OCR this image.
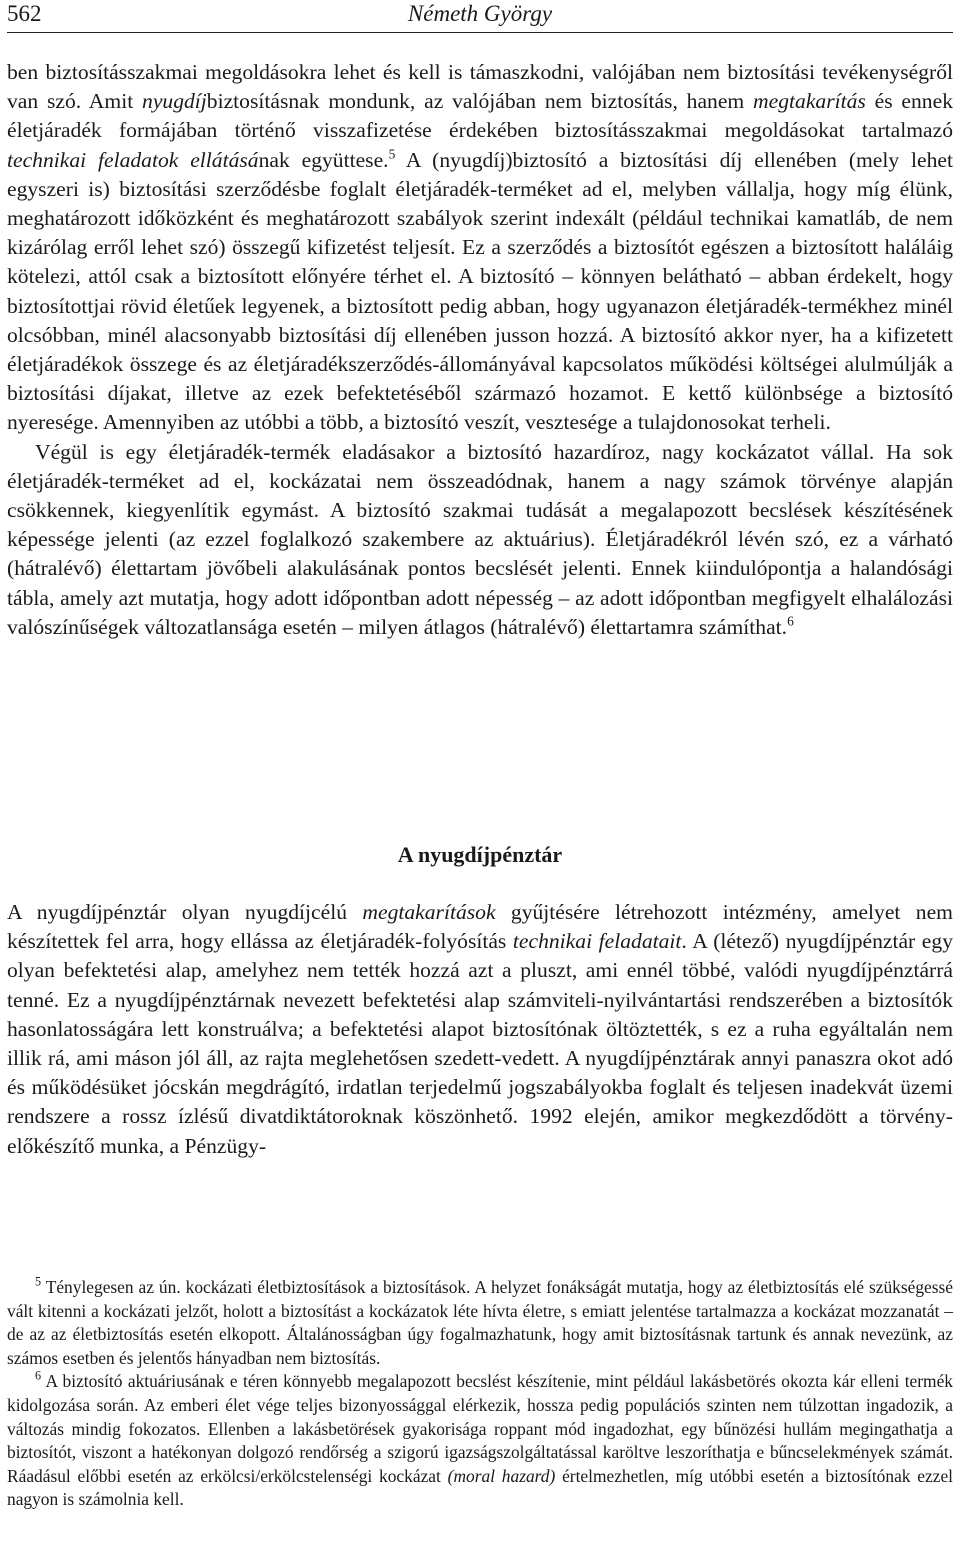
562	Németh György

ben biztosításszakmai megoldásokra lehet és kell is támaszkodni, valójában nem biztosítási tevékenységről van szó. Amit nyugdíjbiztosításnak mondunk, az valójában nem biztosítás, hanem megtakarítás és ennek életjáradék formájában történő visszafizetése érdekében biztosításszakmai megoldásokat tartalmazó technikai feladatok ellátásának együttese.$^5$ A (nyugdíj)biztosító a biztosítási díj ellenében (mely lehet egyszeri is) biztosítási szerződésbe foglalt életjáradék-terméket ad el, melyben vállalja, hogy míg élünk, meghatározott időközként és meghatározott szabályok szerint indexált (például technikai kamatláb, de nem kizárólag erről lehet szó) összegű kifizetést teljesít. Ez a szerződés a biztosítót egészen a biztosított haláláig kötelezi, attól csak a biztosított előnyére térhet el. A biztosító – könnyen belátható – abban érdekelt, hogy biztosítottjai rövid életűek legyenek, a biztosított pedig abban, hogy ugyanazon életjáradék-termékhez minél olcsóbban, minél alacsonyabb biztosítási díj ellenében jusson hozzá. A biztosító akkor nyer, ha a kifizetett életjáradékok összege és az életjáradékszerződés-állományával kapcsolatos működési költségei alulmúlják a biztosítási díjakat, illetve az ezek befektetéséből származó hozamot. E kettő különbsége a biztosító nyeresége. Amennyiben az utóbbi a több, a biztosító veszít, vesztesége a tulajdonosokat terheli.

Végül is egy életjáradék-termék eladásakor a biztosító hazardíroz, nagy kockázatot vállal. Ha sok életjáradék-terméket ad el, kockázatai nem összeadódnak, hanem a nagy számok törvénye alapján csökkennek, kiegyenlítik egymást. A biztosító szakmai tudását a megalapozott becslések készítésének képessége jelenti (az ezzel foglalkozó szakembere az aktuárius). Életjáradékról lévén szó, ez a várható (hátralévő) élettartam jövőbeli alakulásának pontos becslését jelenti. Ennek kiindulópontja a halandósági tábla, amely azt mutatja, hogy adott időpontban adott népesség – az adott időpontban megfigyelt elhalálozási valószínűségek változatlansága esetén – milyen átlagos (hátralévő) élettartamra számíthat.$^6$

A nyugdíjpénztár

A nyugdíjpénztár olyan nyugdíjcélú megtakarítások gyűjtésére létrehozott intézmény, amelyet nem készítettek fel arra, hogy ellássa az életjáradék-folyósítás technikai feladatait. A (létező) nyugdíjpénztár egy olyan befektetési alap, amelyhez nem tették hozzá azt a pluszt, ami ennél többé, valódi nyugdíjpénztárrá tenné. Ez a nyugdíjpénztárnak nevezett befektetési alap számviteli-nyilvántartási rendszerében a biztosítók hasonlatosságára lett konstruálva; a befektetési alapot biztosítónak öltöztették, s ez a ruha egyáltalán nem illik rá, ami máson jól áll, az rajta meglehetősen szedett-vedett. A nyugdíjpénztárak annyi panaszra okot adó és működésüket jócskán megdrágító, irdatlan terjedelmű jogszabályokba foglalt és teljesen inadekvát üzemi rendszere a rossz ízlésű divatdiktátoroknak köszönhető. 1992 elején, amikor megkezdődött a törvény-előkészítő munka, a Pénzügy-

$^5$ Ténylegesen az ún. kockázati életbiztosítások a biztosítások. A helyzet fonákságát mutatja, hogy az életbiztosítás elé szükségessé vált kitenni a kockázati jelzőt, holott a biztosítást a kockázatok léte hívta életre, s emiatt jelentése tartalmazza a kockázat mozzanatát – de az az életbiztosítás esetén elkopott. Általánosságban úgy fogalmazhatunk, hogy amit biztosításnak tartunk és annak nevezünk, az számos esetben és jelentős hányadban nem biztosítás.

$^6$ A biztosító aktuáriusának e téren könnyebb megalapozott becslést készítenie, mint például lakásbetörés okozta kár elleni termék kidolgozása során. Az emberi élet vége teljes bizonyossággal elérkezik, hossza pedig populációs szinten nem túlzottan ingadozik, a változás mindig fokozatos. Ellenben a lakásbetörések gyakorisága roppant mód ingadozhat, egy bűnözési hullám megingathatja a biztosítót, viszont a hatékonyan dolgozó rendőrség a szigorú igazságszolgáltatással karöltve leszoríthatja e bűncselekmények számát. Ráadásul előbbi esetén az erkölcsi/erkölcstelenségi kockázat (moral hazard) értelmezhetlen, míg utóbbi esetén a biztosítónak ezzel nagyon is számolnia kell.
